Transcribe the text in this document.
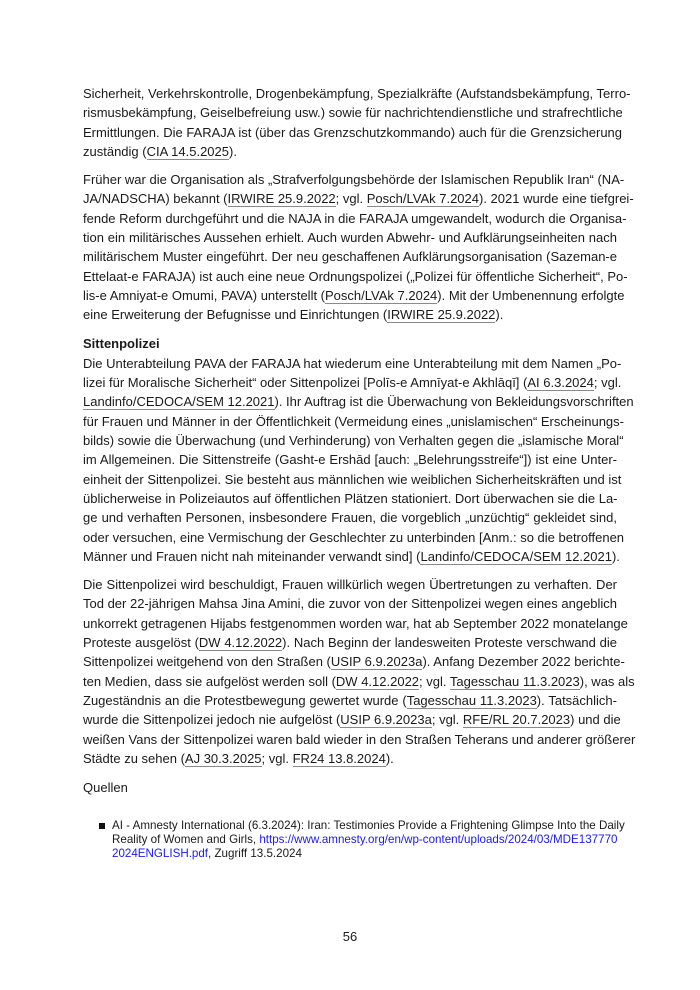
Sicherheit, Verkehrskontrolle, Drogenbekämpfung, Spezialkräfte (Aufstandsbekämpfung, Terro-
rismusbekämpfung, Geiselbefreiung usw.) sowie für nachrichtendienstliche und strafrechtliche
Ermittlungen. Die FARAJA ist (über das Grenzschutzkommando) auch für die Grenzsicherung
zuständig (CIA 14.5.2025).

Früher war die Organisation als „Strafverfolgungsbehörde der Islamischen Republik Iran“ (NA-
JA/NADSCHA) bekannt (IRWIRE 25.9.2022; vgl. Posch/LVAk 7.2024). 2021 wurde eine tiefgrei-
fende Reform durchgeführt und die NAJA in die FARAJA umgewandelt, wodurch die Organisa-
tion ein militärisches Aussehen erhielt. Auch wurden Abwehr- und Aufklärungseinheiten nach
militärischem Muster eingeführt. Der neu geschaffenen Aufklärungsorganisation (Sazeman-e
Ettelaat-e FARAJA) ist auch eine neue Ordnungspolizei („Polizei für öffentliche Sicherheit“, Po-
lis-e Amniyat-e Omumi, PAVA) unterstellt (Posch/LVAk 7.2024). Mit der Umbenennung erfolgte
eine Erweiterung der Befugnisse und Einrichtungen (IRWIRE 25.9.2022).

Sittenpolizei

Die Unterabteilung PAVA der FARAJA hat wiederum eine Unterabteilung mit dem Namen „Po-
lizei für Moralische Sicherheit“ oder Sittenpolizei [Polīs-e Amnīyat-e Akhlāqī] (AI 6.3.2024; vgl.
Landinfo/CEDOCA/SEM 12.2021). Ihr Auftrag ist die Überwachung von Bekleidungsvorschriften
für Frauen und Männer in der Öffentlichkeit (Vermeidung eines „unislamischen“ Erscheinungs-
bilds) sowie die Überwachung (und Verhinderung) von Verhalten gegen die „islamische Moral“
im Allgemeinen. Die Sittenstreife (Gasht-e Ershād [auch: „Belehrungsstreife“]) ist eine Unter-
einheit der Sittenpolizei. Sie besteht aus männlichen wie weiblichen Sicherheitskräften und ist
üblicherweise in Polizeiautos auf öffentlichen Plätzen stationiert. Dort überwachen sie die La-
ge und verhaften Personen, insbesondere Frauen, die vorgeblich „unzüchtig“ gekleidet sind,
oder versuchen, eine Vermischung der Geschlechter zu unterbinden [Anm.: so die betroffenen
Männer und Frauen nicht nah miteinander verwandt sind] (Landinfo/CEDOCA/SEM 12.2021).

Die Sittenpolizei wird beschuldigt, Frauen willkürlich wegen Übertretungen zu verhaften. Der
Tod der 22-jährigen Mahsa Jina Amini, die zuvor von der Sittenpolizei wegen eines angeblich
unkorrekt getragenen Hijabs festgenommen worden war, hat ab September 2022 monatelange
Proteste ausgelöst (DW 4.12.2022). Nach Beginn der landesweiten Proteste verschwand die
Sittenpolizei weitgehend von den Straßen (USIP 6.9.2023a). Anfang Dezember 2022 berichte-
ten Medien, dass sie aufgelöst werden soll (DW 4.12.2022; vgl. Tagesschau 11.3.2023), was als
Zugeständnis an die Protestbewegung gewertet wurde (Tagesschau 11.3.2023). Tatsächlich-
wurde die Sittenpolizei jedoch nie aufgelöst (USIP 6.9.2023a; vgl. RFE/RL 20.7.2023) und die
weißen Vans der Sittenpolizei waren bald wieder in den Straßen Teherans und anderer größerer
Städte zu sehen (AJ 30.3.2025; vgl. FR24 13.8.2024).

Quellen
AI - Amnesty International (6.3.2024): Iran: Testimonies Provide a Frightening Glimpse Into the Daily
Reality of Women and Girls, https://www.amnesty.org/en/wp-content/uploads/2024/03/MDE137770
2024ENGLISH.pdf, Zugriff 13.5.2024
56
